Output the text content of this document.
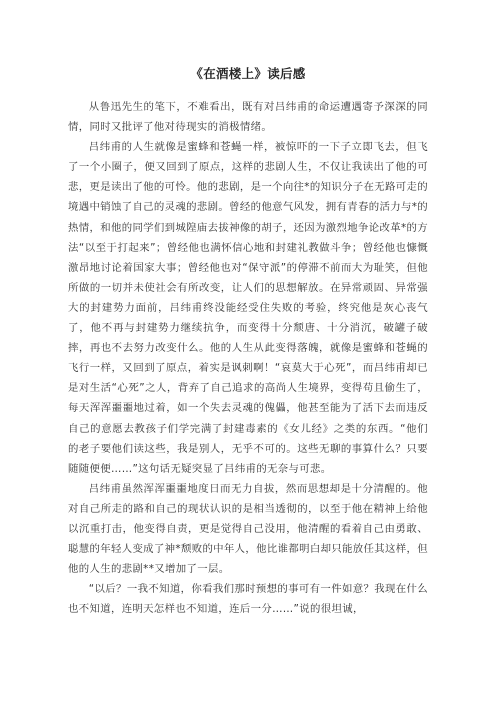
《在酒楼上》读后感

从鲁迅先生的笔下，不难看出，既有对吕纬甫的命运遭遇寄予深深的同情，同时又批评了他对待现实的消极情绪。

吕纬甫的人生就像是蜜蜂和苍蝇一样，被惊吓的一下子立即飞去，但飞了一个小圈子，便又回到了原点，这样的悲剧人生，不仅让我读出了他的可悲，更是读出了他的可怜。他的悲剧，是一个向往*的知识分子在无路可走的境遇中销蚀了自己的灵魂的悲剧。曾经的他意气风发，拥有青春的活力与*的热情，和他的同学们到城隍庙去拔神像的胡子，还因为激烈地争论改革*的方法“以至于打起来”；曾经他也满怀信心地和封建礼教做斗争；曾经他也慷慨激昂地讨论着国家大事；曾经他也对“保守派”的停滞不前而大为耻笑，但他所做的一切并未使社会有所改变，让人们的思想解放。在异常顽固、异常强大的封建势力面前，吕纬甫终没能经受住失败的考验，终究他是灰心丧气了，他不再与封建势力继续抗争，而变得十分颓唐、十分消沉，破罐子破摔，再也不去努力改变什么。他的人生从此变得落魄，就像是蜜蜂和苍蝇的飞行一样，又回到了原点，着实是讽刺啊！“哀莫大于心死”，而吕纬甫却已是对生活“心死”之人，背弃了自己追求的高尚人生境界，变得苟且偷生了，每天浑浑噩噩地过着，如一个失去灵魂的傀儡，他甚至能为了活下去而违反自己的意愿去教孩子们学完满了封建毒素的《女儿经》之类的东西。“他们的老子要他们读这些，我是别人，无乎不可的。这些无聊的事算什么？只要随随便便……”这句话无疑突显了吕纬甫的无奈与可悲。

吕纬甫虽然浑浑噩噩地度日而无力自拔，然而思想却是十分清醒的。他对自己所走的路和自己的现状认识的是相当透彻的，以至于他在精神上给他以沉重打击，他变得自责，更是觉得自己没用，他清醒的看着自己由勇敢、聪慧的年轻人变成了神*颓败的中年人，他比谁都明白却只能放任其这样，但他的人生的悲剧**又增加了一层。

“以后？一我不知道，你看我们那时预想的事可有一件如意？我现在什么也不知道，连明天怎样也不知道，连后一分……”说的很坦诚，
